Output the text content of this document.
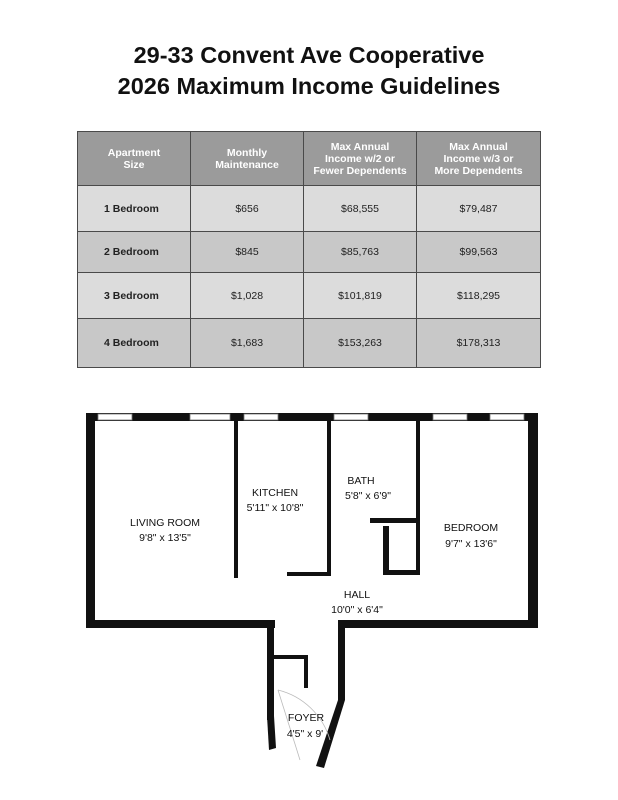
29-33 Convent Ave Cooperative
2026 Maximum Income Guidelines
Apartment
Size	Monthly
Maintenance	Max Annual
Income w/2 or
Fewer Dependents	Max Annual
Income w/3 or
More Dependents
1 Bedroom	$656	$68,555	$79,487
2 Bedroom	$845	$85,763	$99,563
3 Bedroom	$1,028	$101,819	$118,295
4 Bedroom	$1,683	$153,263	$178,313
LIVING ROOM
9'8" x 13'5"
KITCHEN
5'11" x 10'8"
BATH
5'8" x 6'9"
BEDROOM
9'7" x 13'6"
HALL
10'0" x 6'4"
FOYER
4'5" x 9'
